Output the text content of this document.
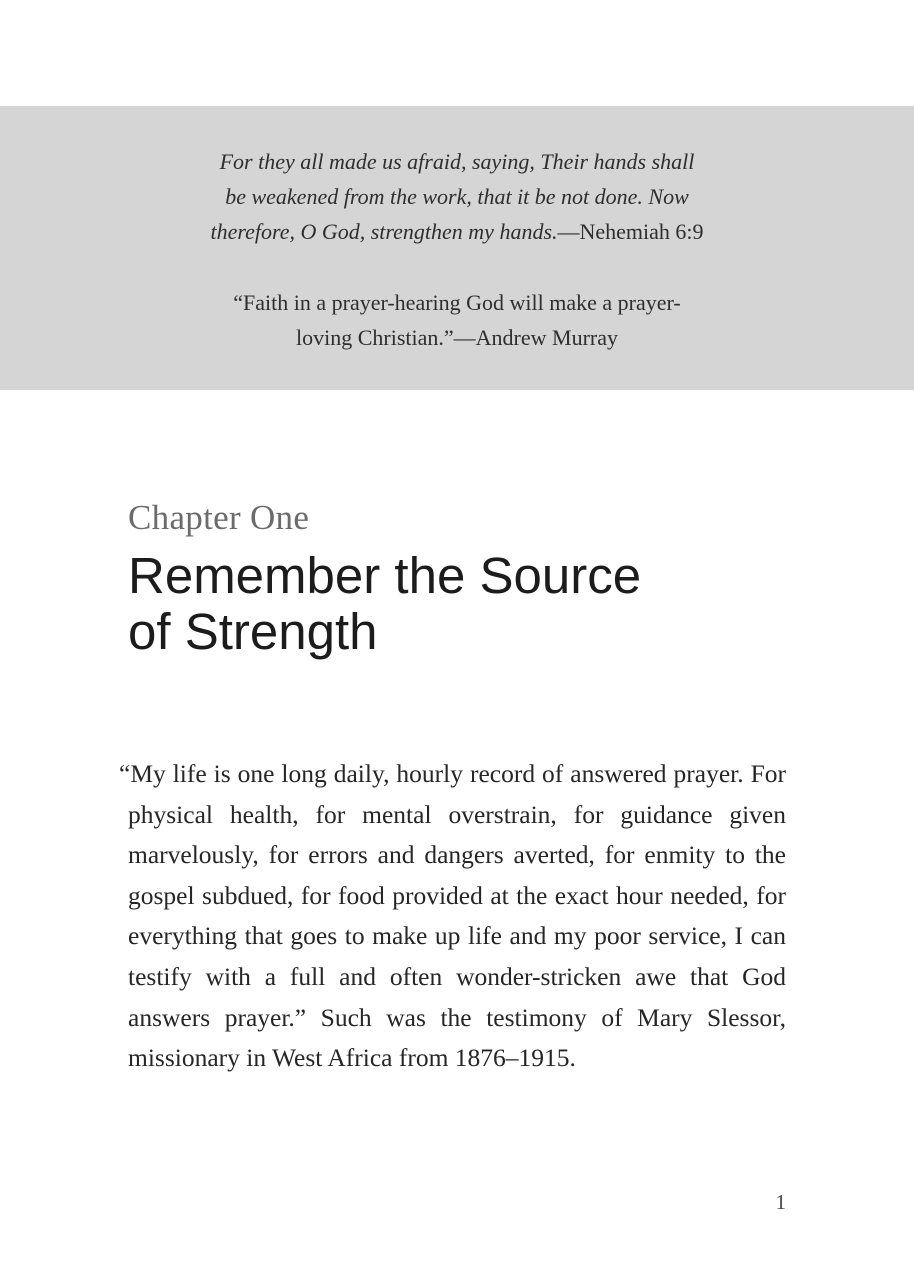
For they all made us afraid, saying, Their hands shall
be weakened from the work, that it be not done. Now
therefore, O God, strengthen my hands.—Nehemiah 6:9
“Faith in a prayer-hearing God will make a prayer-
loving Christian.”—Andrew Murray
Chapter One
Remember the Source
of Strength

“My life is one long daily, hourly record of answered prayer. For physical health, for mental overstrain, for guidance given marvelously, for errors and dangers averted, for enmity to the gospel subdued, for food provided at the exact hour needed, for everything that goes to make up life and my poor service, I can testify with a full and often wonder-stricken awe that God answers prayer.” Such was the testimony of Mary Slessor, missionary in West Africa from 1876–1915.

1
